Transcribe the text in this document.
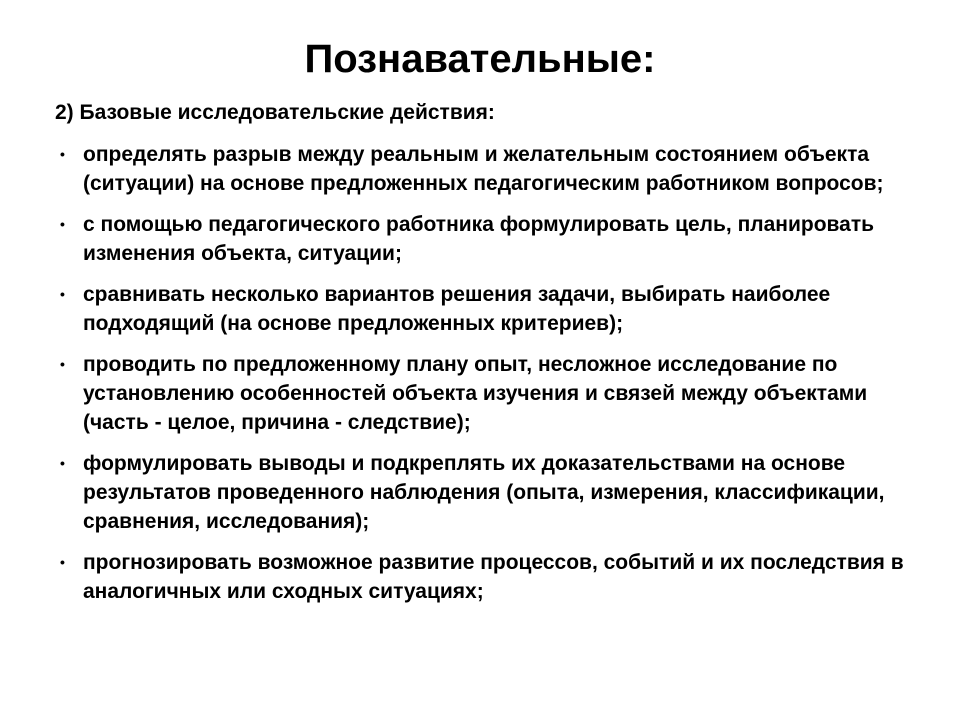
Познавательные:

2) Базовые исследовательские действия:

• определять разрыв между реальным и желательным состоянием объекта (ситуации) на основе предложенных педагогическим работником вопросов;
• с помощью педагогического работника формулировать цель, планировать изменения объекта, ситуации;
• сравнивать несколько вариантов решения задачи, выбирать наиболее подходящий (на основе предложенных критериев);
• проводить по предложенному плану опыт, несложное исследование по установлению особенностей объекта изучения и связей между объектами (часть - целое, причина - следствие);
• формулировать выводы и подкреплять их доказательствами на основе результатов проведенного наблюдения (опыта, измерения, классификации, сравнения, исследования);
• прогнозировать возможное развитие процессов, событий и их последствия в аналогичных или сходных ситуациях;
